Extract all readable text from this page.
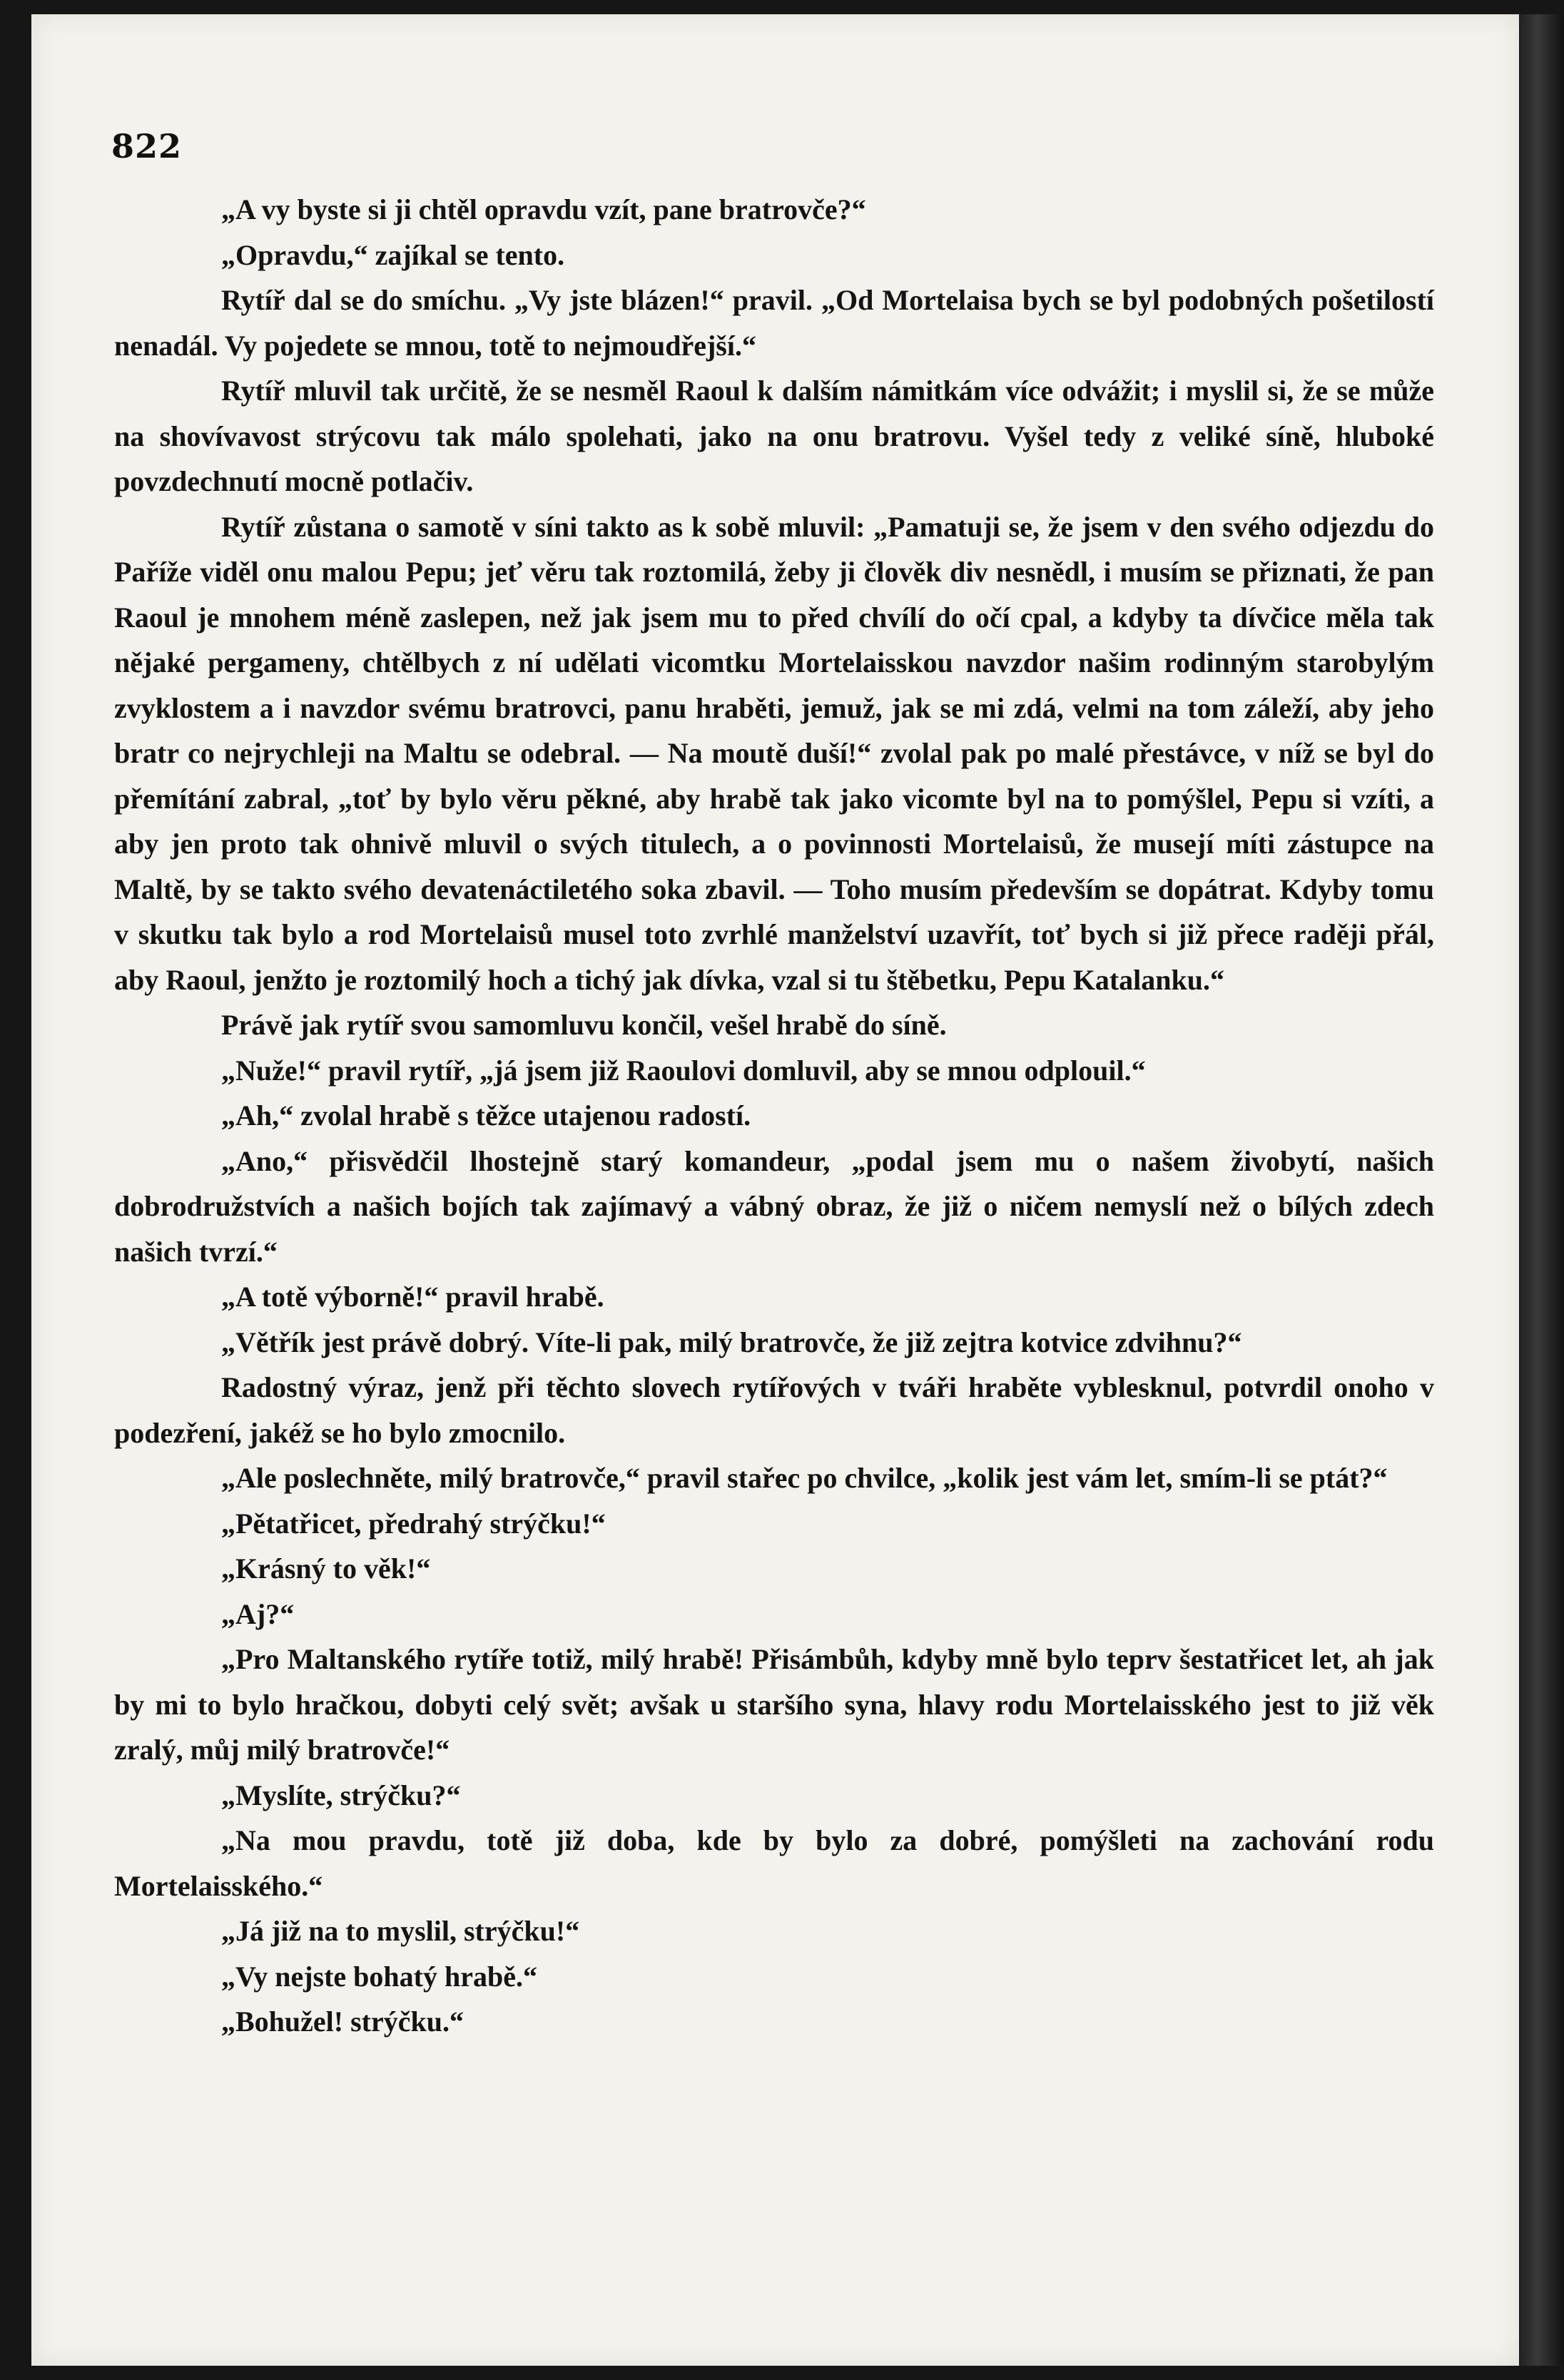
822

„A vy byste si ji chtěl opravdu vzít, pane bratrovče?“

„Opravdu,“ zajíkal se tento.

Rytíř dal se do smíchu. „Vy jste blázen!“ pravil. „Od Mortelaisa bych se byl podobných pošetilostí nenadál. Vy pojedete se mnou, totě to nejmoudřejší.“

Rytíř mluvil tak určitě, že se nesměl Raoul k dalším námitkám více odvážit; i myslil si, že se může na shovívavost strýcovu tak málo spolehati, jako na onu bratrovu. Vyšel tedy z veliké síně, hluboké povzdechnutí mocně potlačiv.

Rytíř zůstana o samotě v síni takto as k sobě mluvil: „Pamatuji se, že jsem v den svého odjezdu do Paříže viděl onu malou Pepu; jeť věru tak roztomilá, žeby ji člověk div nesnědl, i musím se přiznati, že pan Raoul je mnohem méně zaslepen, než jak jsem mu to před chvílí do očí cpal, a kdyby ta dívčice měla tak nějaké pergameny, chtělbych z ní udělati vicomtku Mortelaisskou navzdor našim rodinným starobylým zvyklostem a i navzdor svému bratrovci, panu hraběti, jemuž, jak se mi zdá, velmi na tom záleží, aby jeho bratr co nejrychleji na Maltu se odebral. — Na moutě duší!“ zvolal pak po malé přestávce, v níž se byl do přemítání zabral, „toť by bylo věru pěkné, aby hrabě tak jako vicomte byl na to pomýšlel, Pepu si vzíti, a aby jen proto tak ohnivě mluvil o svých titulech, a o povinnosti Mortelaisů, že musejí míti zástupce na Maltě, by se takto svého devatenáctiletého soka zbavil. — Toho musím především se dopátrat. Kdyby tomu v skutku tak bylo a rod Mortelaisů musel toto zvrhlé manželství uzavřít, toť bych si již přece raději přál, aby Raoul, jenžto je roztomilý hoch a tichý jak dívka, vzal si tu štěbetku, Pepu Katalanku.“

Právě jak rytíř svou samomluvu končil, vešel hrabě do síně.

„Nuže!“ pravil rytíř, „já jsem již Raoulovi domluvil, aby se mnou odplouil.“

„Ah,“ zvolal hrabě s těžce utajenou radostí.

„Ano,“ přisvědčil lhostejně starý komandeur, „podal jsem mu o našem živobytí, našich dobrodružstvích a našich bojích tak zajímavý a vábný obraz, že již o ničem nemyslí než o bílých zdech našich tvrzí.“

„A totě výborně!“ pravil hrabě.

„Větřík jest právě dobrý. Víte-li pak, milý bratrovče, že již zejtra kotvice zdvihnu?“

Radostný výraz, jenž při těchto slovech rytířových v tváři hraběte vyblesknul, potvrdil onoho v podezření, jakéž se ho bylo zmocnilo.

„Ale poslechněte, milý bratrovče,“ pravil stařec po chvilce, „kolik jest vám let, smím-li se ptát?“

„Pětatřicet, předrahý strýčku!“

„Krásný to věk!“

„Aj?“

„Pro Maltanského rytíře totiž, milý hrabě! Přisámbůh, kdyby mně bylo teprv šestatřicet let, ah jak by mi to bylo hračkou, dobyti celý svět; avšak u staršího syna, hlavy rodu Mortelaisského jest to již věk zralý, můj milý bratrovče!“

„Myslíte, strýčku?“

„Na mou pravdu, totě již doba, kde by bylo za dobré, pomýšleti na zachování rodu Mortelaisského.“

„Já již na to myslil, strýčku!“

„Vy nejste bohatý hrabě.“

„Bohužel! strýčku.“
